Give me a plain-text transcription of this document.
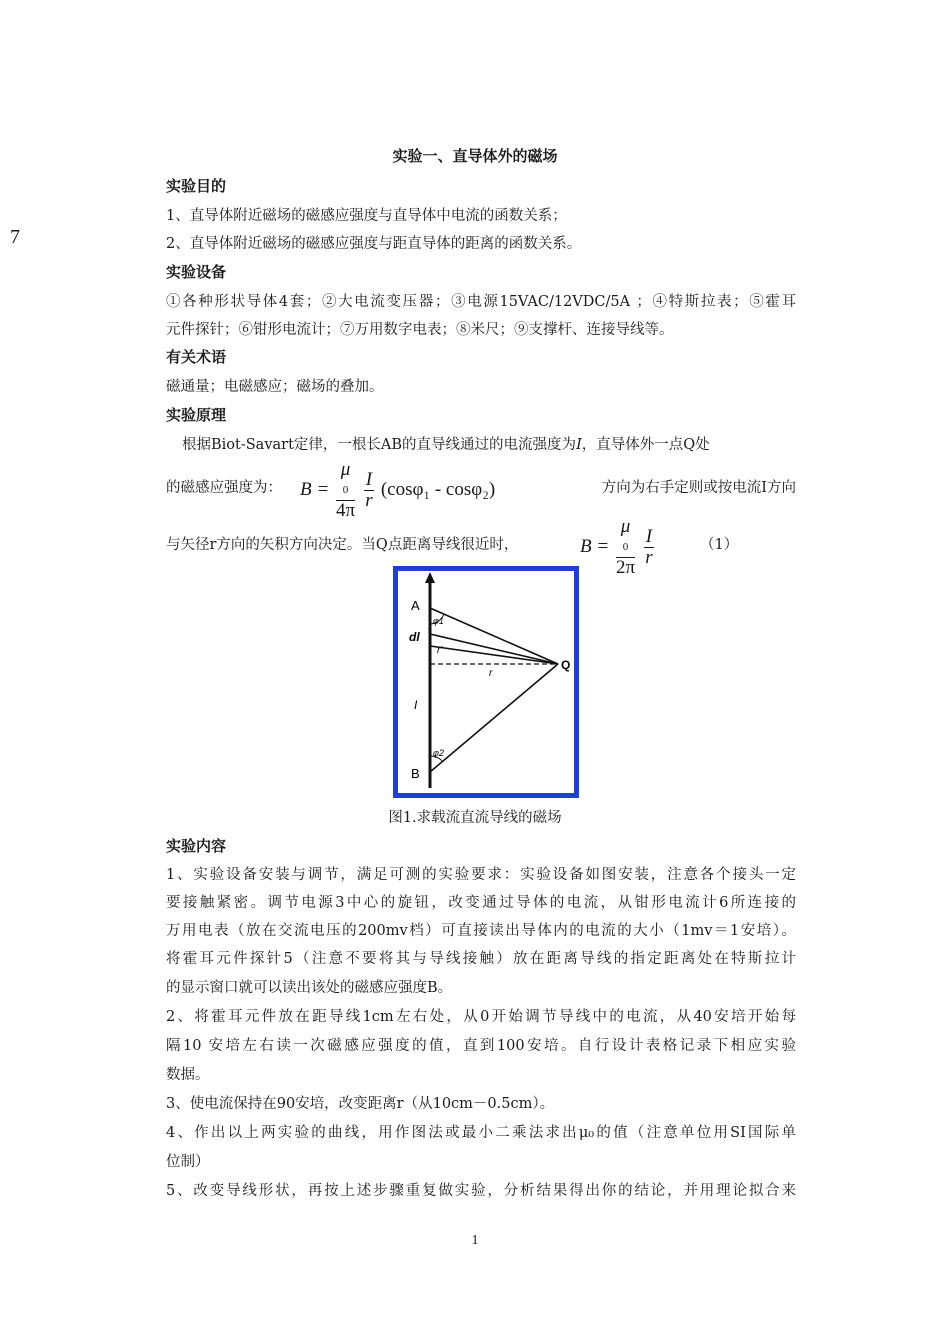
7
实验一、直导体外的磁场
实验目的
1、直导体附近磁场的磁感应强度与直导体中电流的函数关系；
2、直导体附近磁场的磁感应强度与距直导体的距离的函数关系。
实验设备
①各种形状导体4套；②大电流变压器；③电源15VAC/12VDC/5A ；④特斯拉表；⑤霍耳
元件探针；⑥钳形电流计；⑦万用数字电表；⑧米尺；⑨支撑杆、连接导线等。
有关术语
磁通量；电磁感应；磁场的叠加。
实验原理
根据Biot-Savart定律，一根长AB的直导线通过的电流强度为I，直导体外一点Q处
的磁感应强度为： B = μ
0
4π
$\frac{I}{r} (\cos\varphi_1 - \cos\varphi_2)$	方向为右手定则或按电流I方向
与矢径r方向的矢积方向决定。当Q点距离导线很近时，	B = μ
0
2π
$\frac{I}{r}$	（1）
A
B
Q
dl
I
r
r'
φ1
φ2
图1.求载流直流导线的磁场
实验内容
1、实验设备安装与调节，满足可测的实验要求：实验设备如图安装，注意各个接头一定
要接触紧密。调节电源3中心的旋钮，改变通过导体的电流，从钳形电流计6所连接的
万用电表（放在交流电压的200mv档）可直接读出导体内的电流的大小（1mv＝1安培）。
将霍耳元件探针5（注意不要将其与导线接触）放在距离导线的指定距离处在特斯拉计
的显示窗口就可以读出该处的磁感应强度B。
2、将霍耳元件放在距导线1cm左右处，从0开始调节导线中的电流，从40安培开始每
隔10 安培左右读一次磁感应强度的值，直到100安培。自行设计表格记录下相应实验
数据。
3、使电流保持在90安培，改变距离r（从10cm－0.5cm）。
4、作出以上两实验的曲线，用作图法或最小二乘法求出μ₀的值（注意单位用SI国际单
位制）
5、改变导线形状，再按上述步骤重复做实验，分析结果得出你的结论，并用理论拟合来
1
